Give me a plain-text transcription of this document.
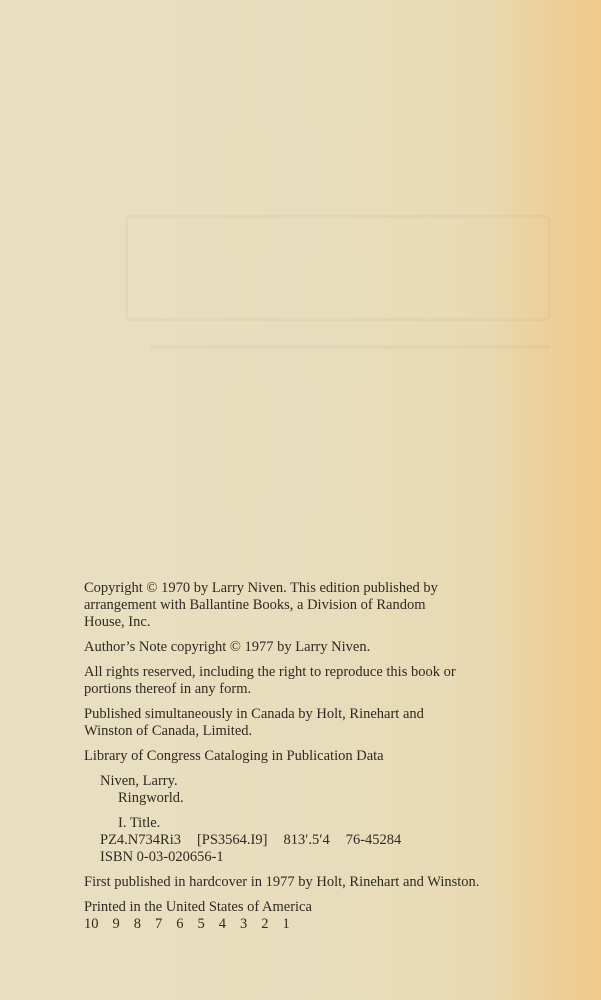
Copyright © 1970 by Larry Niven. This edition published by
arrangement with Ballantine Books, a Division of Random
House, Inc.
Author’s Note copyright © 1977 by Larry Niven.
All rights reserved, including the right to reproduce this book or
portions thereof in any form.
Published simultaneously in Canada by Holt, Rinehart and
Winston of Canada, Limited.
Library of Congress Cataloging in Publication Data
Niven, Larry.
Ringworld.
I. Title.
PZ4.N734Ri3 [PS3564.I9] 813′.5′4 76-45284
ISBN 0-03-020656-1
First published in hardcover in 1977 by Holt, Rinehart and Winston.
Printed in the United States of America
10 9 8 7 6 5 4 3 2 1
